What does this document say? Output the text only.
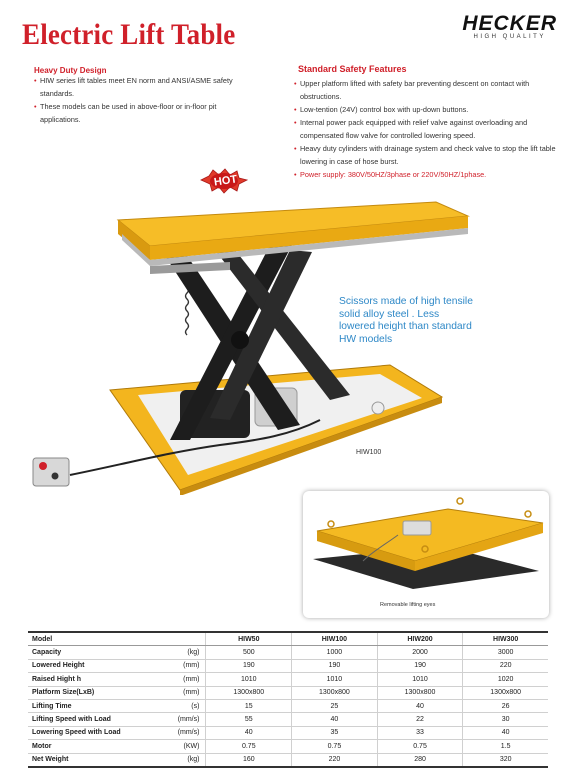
Electric Lift Table	HECKER
HIGH QUALITY
Heavy Duty Design

• HIW series lift tables meet EN norm and ANSI/ASME safety standards.

• These models can be used in above-floor or in-floor pit applications.

Standard Safety Features

• Upper platform lifted with safety bar preventing descent on contact with obstructions.

• Low-tention (24V) control box with up-down buttons.

• Internal power pack equipped with relief valve against overloading and compensated flow valve for controlled lowering speed.

• Heavy duty cylinders with drainage system and check valve to stop the lift table lowering in case of hose burst.

• Power supply: 380V/50HZ/3phase or 220V/50HZ/1phase.

HOT
Scissors made of high tensile solid alloy steel . Less lowered height than standard HW models
HIW100
Removable lifting eyes
Model		HIW50	HIW100	HIW200	HIW300
Capacity	(kg)	500	1000	2000	3000
Lowered Height	(mm)	190	190	190	220
Raised Hight h	(mm)	1010	1010	1010	1020
Platform Size(LxB)	(mm)	1300x800	1300x800	1300x800	1300x800
Lifting Time	(s)	15	25	40	26
Lifting Speed with Load	(mm/s)	55	40	22	30
Lowering Speed with Load	(mm/s)	40	35	33	40
Motor	(KW)	0.75	0.75	0.75	1.5
Net Weight	(kg)	160	220	280	320
